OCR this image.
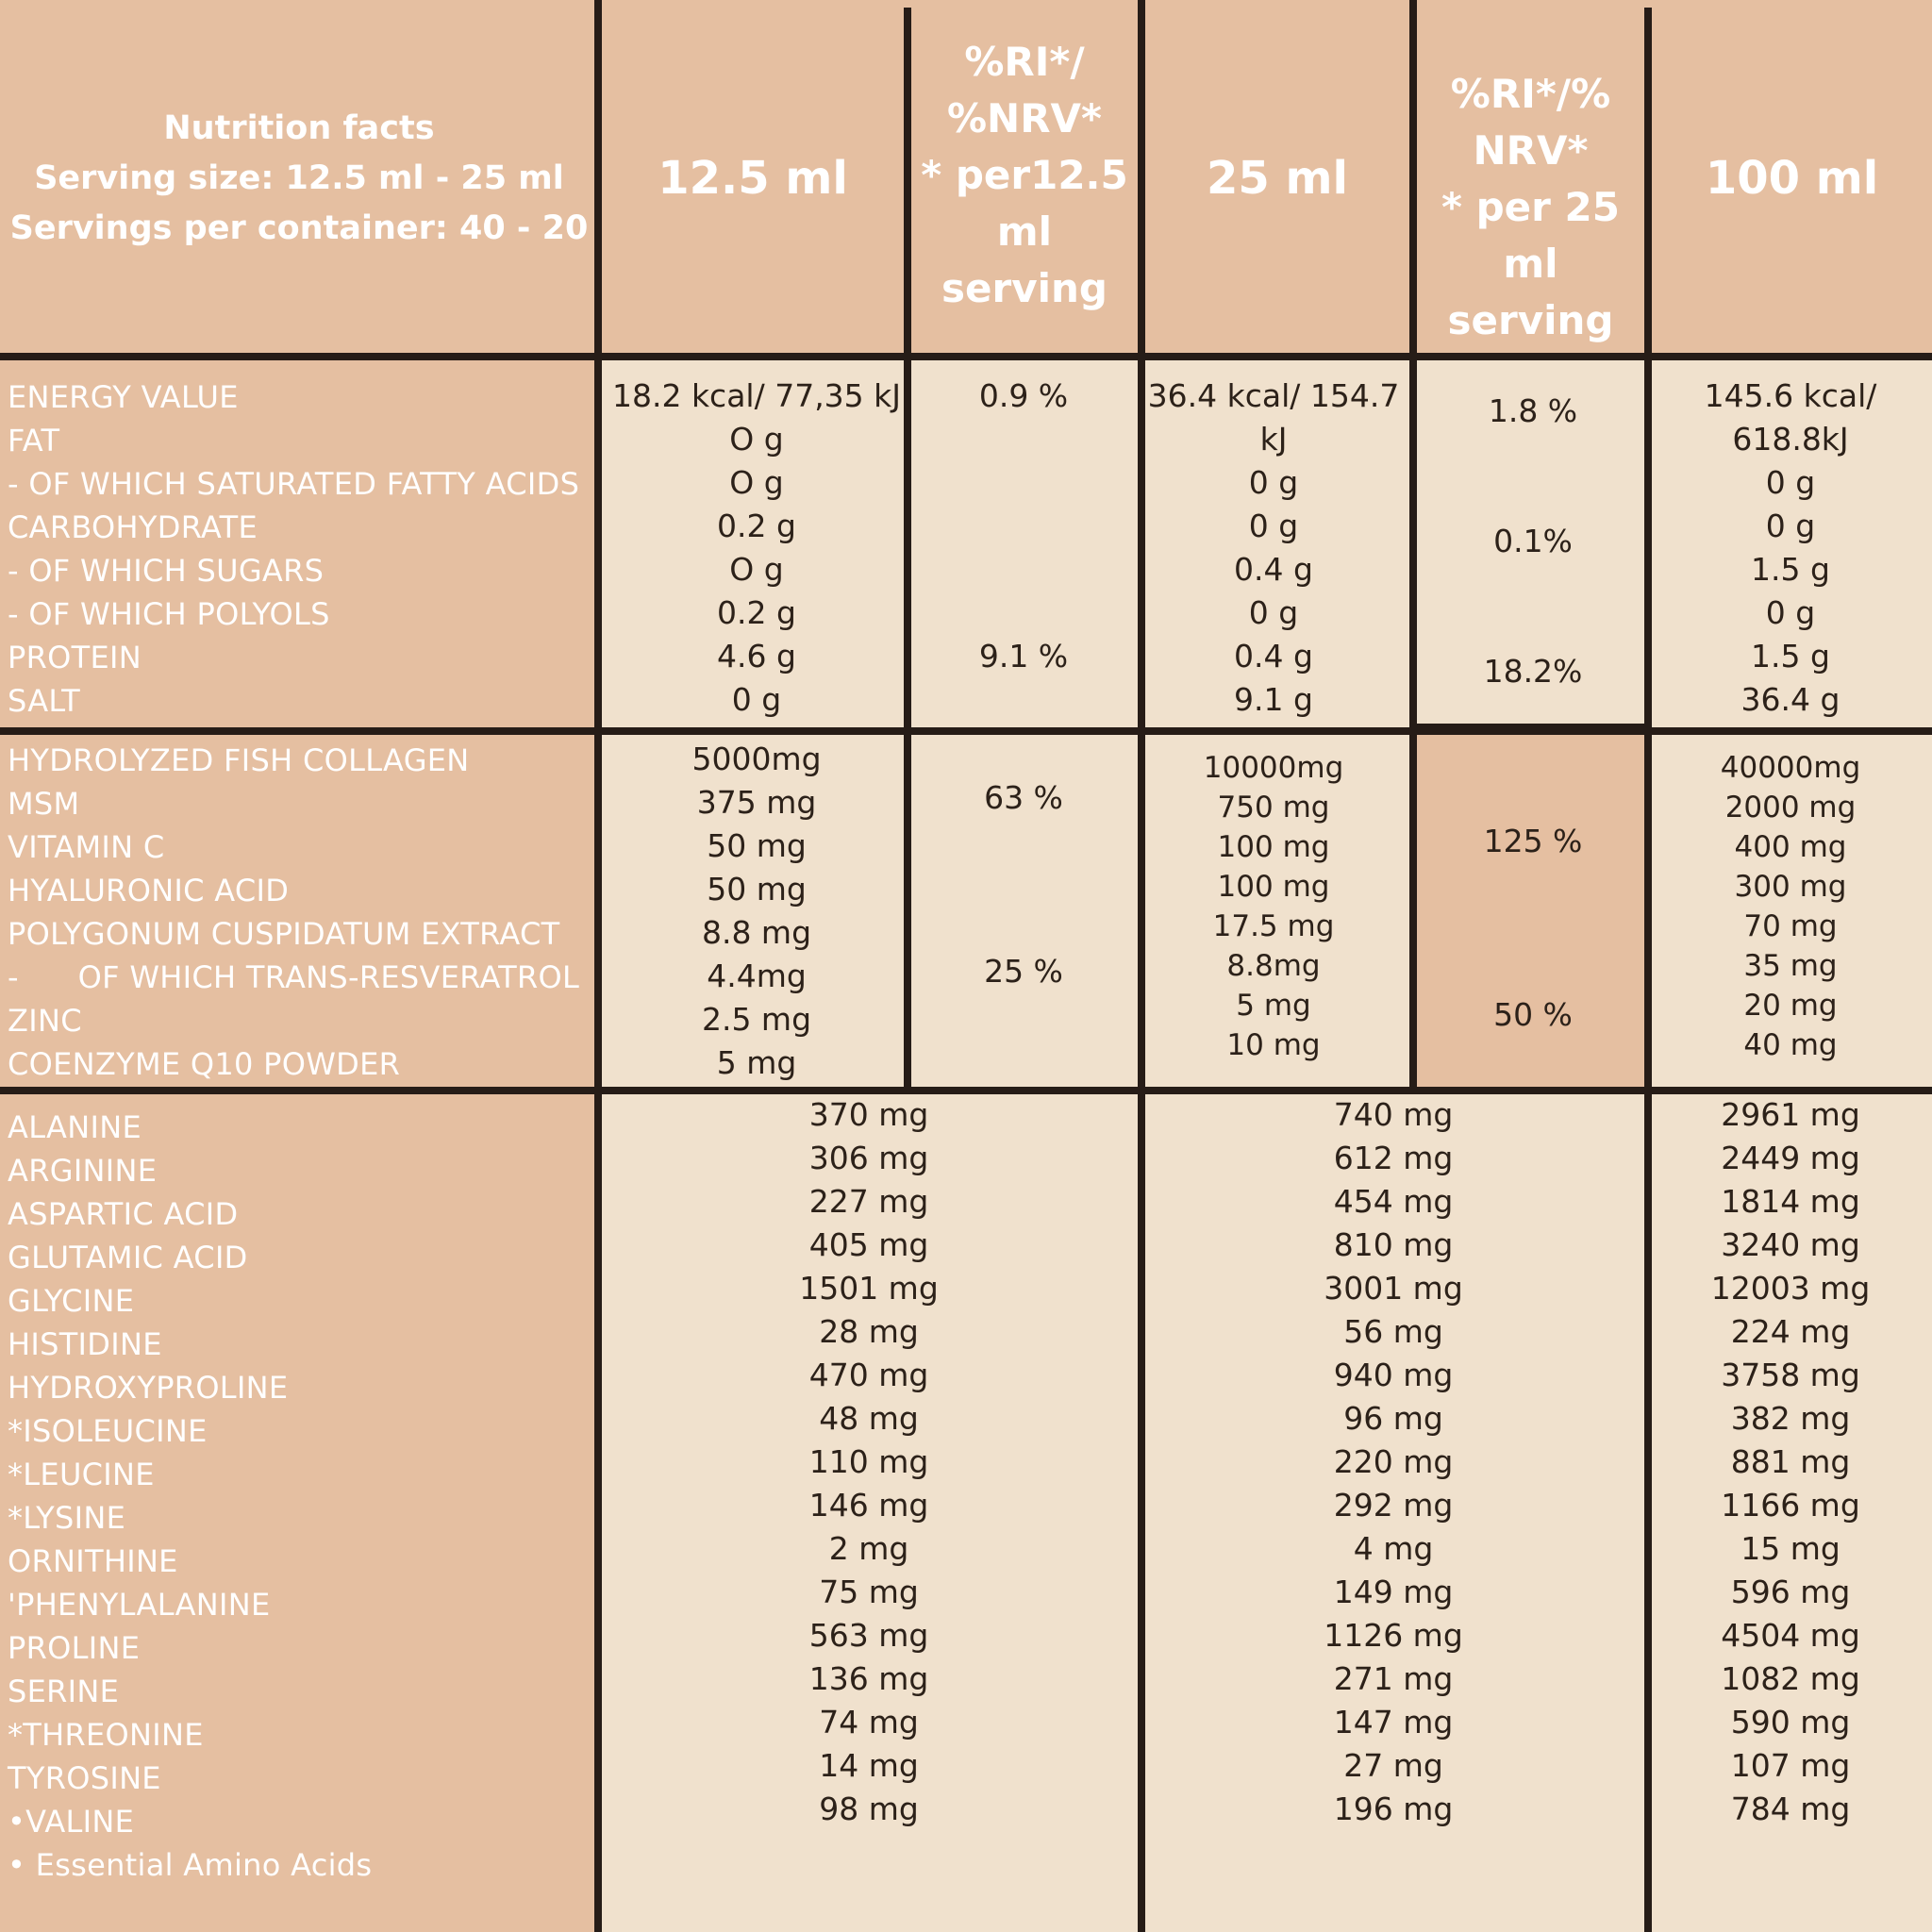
Nutrition facts
Serving size: 12.5 ml - 25 ml
Servings per container: 40 - 20
12.5 ml
%RI*/
%NRV*
* per12.5
ml
serving
25 ml
%RI*/%
NRV*
* per 25
ml serving
100 ml
ENERGY VALUE
FAT
- OF WHICH SATURATED FATTY ACIDS
CARBOHYDRATE
- OF WHICH SUGARS
- OF WHICH POLYOLS
PROTEIN
SALT
18.2 kcal/ 77,35 kJ
O g
O g
0.2 g
O g
0.2 g
4.6 g
0 g
0.9 %
9.1 %
36.4 kcal/ 154.7
kJ
0 g
0 g
0.4 g
0 g
0.4 g
9.1 g
1.8 %
0.1%
18.2%
145.6 kcal/
618.8kJ
0 g
0 g
1.5 g
0 g
1.5 g
36.4 g
HYDROLYZED FISH COLLAGEN
MSM
VITAMIN C
HYALURONIC ACID
POLYGONUM CUSPIDATUM EXTRACT
-      OF WHICH TRANS-RESVERATROL
ZINC
COENZYME Q10 POWDER
5000mg
375 mg
50 mg
50 mg
8.8 mg
4.4mg
2.5 mg
5 mg
63 %
25 %
10000mg
750 mg
100 mg
100 mg
17.5 mg
8.8mg
5 mg
10 mg
125 %
50 %
40000mg
2000 mg
400 mg
300 mg
70 mg
35 mg
20 mg
40 mg
ALANINE
ARGININE
ASPARTIC ACID
GLUTAMIC ACID
GLYCINE
HISTIDINE
HYDROXYPROLINE
*ISOLEUCINE
*LEUCINE
*LYSINE
ORNITHINE
'PHENYLALANINE
PROLINE
SERINE
*THREONINE
TYROSINE
•VALINE
• Essential Amino Acids
370 mg
306 mg
227 mg
405 mg
1501 mg
28 mg
470 mg
48 mg
110 mg
146 mg
2 mg
75 mg
563 mg
136 mg
74 mg
14 mg
98 mg
740 mg
612 mg
454 mg
810 mg
3001 mg
56 mg
940 mg
96 mg
220 mg
292 mg
4 mg
149 mg
1126 mg
271 mg
147 mg
27 mg
196 mg
2961 mg
2449 mg
1814 mg
3240 mg
12003 mg
224 mg
3758 mg
382 mg
881 mg
1166 mg
15 mg
596 mg
4504 mg
1082 mg
590 mg
107 mg
784 mg
